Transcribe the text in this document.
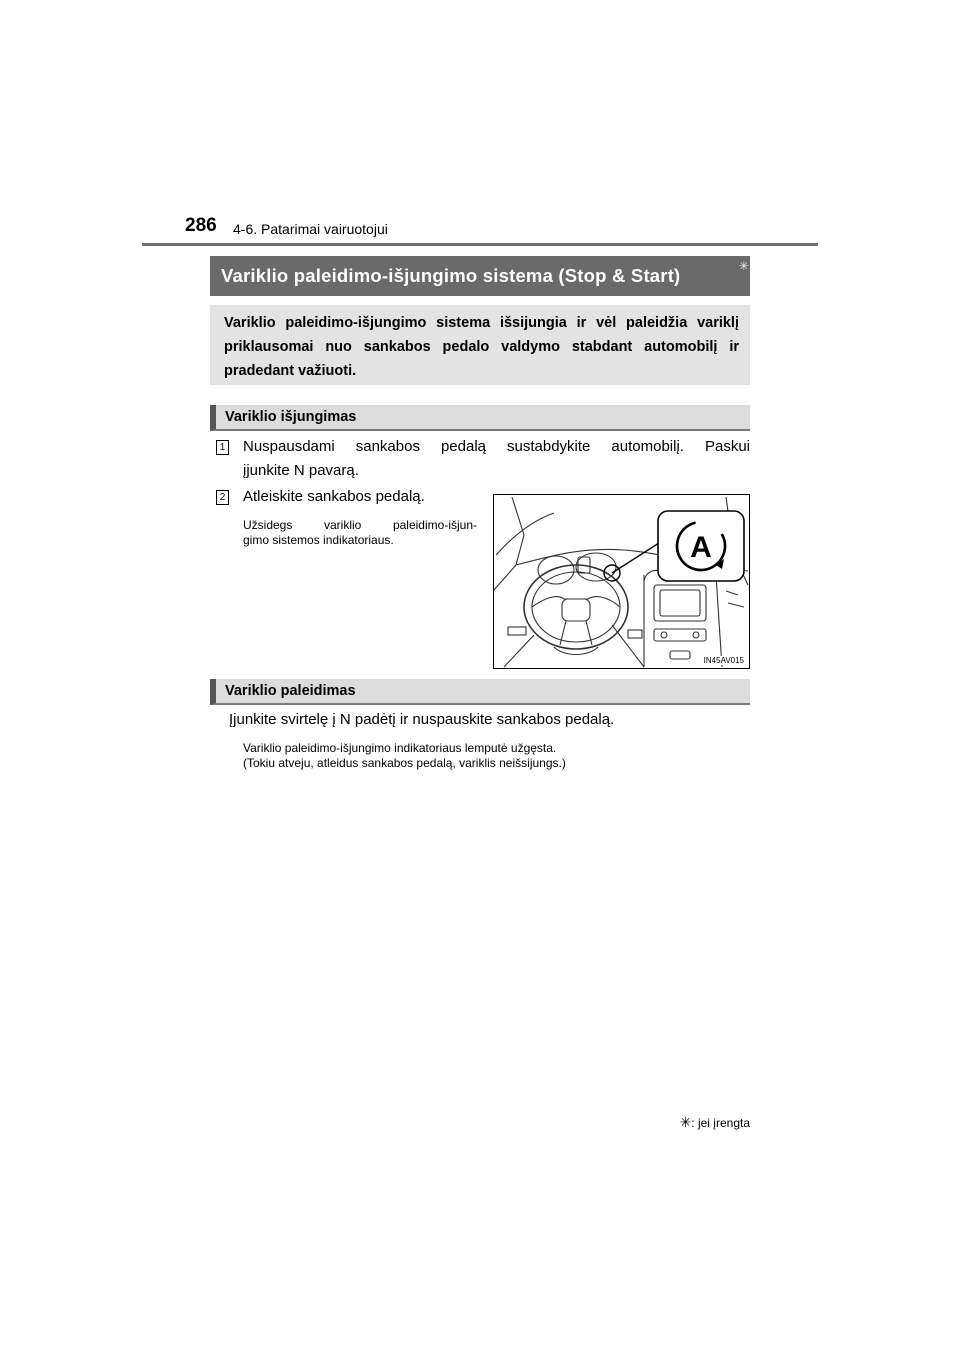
286 4-6. Patarimai vairuotojui
Variklio paleidimo-išjungimo sistema (Stop & Start)	✳
Variklio paleidimo-išjungimo sistema išsijungia ir vėl paleidžia variklį priklausomai nuo sankabos pedalo valdymo stabdant automobilį ir pradedant važiuoti.
Variklio išjungimas
1 Nuspausdami sankabos pedalą sustabdykite automobilį. Paskui
įjunkite N pavarą.
2 Atleiskite sankabos pedalą.
Užsidegs variklio paleidimo-išjun-
gimo sistemos indikatoriaus.	A
IN45AV015
Variklio paleidimas
Įjunkite svirtelę į N padėtį ir nuspauskite sankabos pedalą.
Variklio paleidimo-išjungimo indikatoriaus lemputė užgęsta.
(Tokiu atveju, atleidus sankabos pedalą, variklis neišsijungs.)
✳: jei įrengta
